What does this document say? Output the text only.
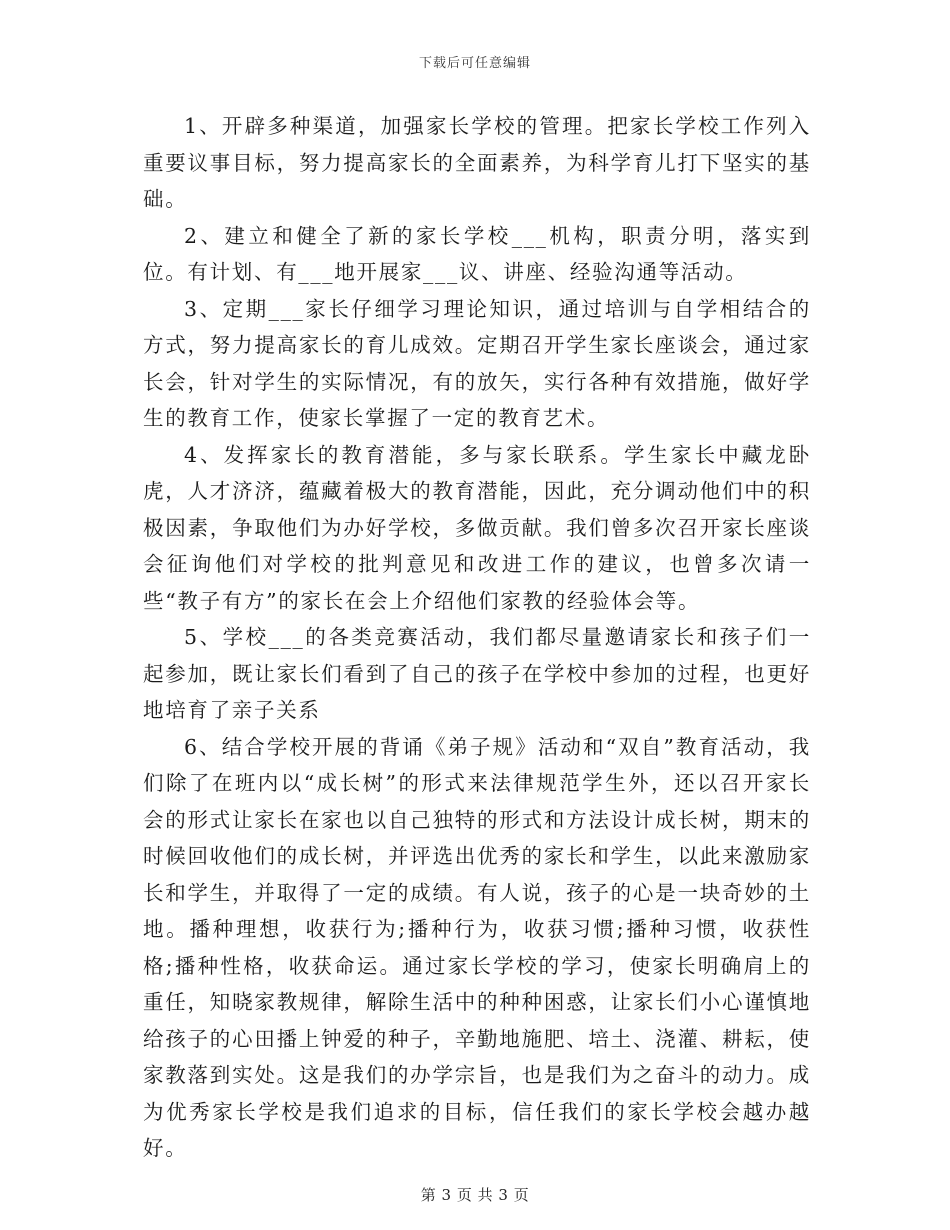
下载后可任意编辑

1、开辟多种渠道，加强家长学校的管理。把家长学校工作列入重要议事目标，努力提高家长的全面素养，为科学育儿打下坚实的基础。

2、建立和健全了新的家长学校___机构，职责分明，落实到位。有计划、有___地开展家___议、讲座、经验沟通等活动。

3、定期___家长仔细学习理论知识，通过培训与自学相结合的方式，努力提高家长的育儿成效。定期召开学生家长座谈会，通过家长会，针对学生的实际情况，有的放矢，实行各种有效措施，做好学生的教育工作，使家长掌握了一定的教育艺术。

4、发挥家长的教育潜能，多与家长联系。学生家长中藏龙卧虎，人才济济，蕴藏着极大的教育潜能，因此，充分调动他们中的积极因素，争取他们为办好学校，多做贡献。我们曾多次召开家长座谈会征询他们对学校的批判意见和改进工作的建议，也曾多次请一些“教子有方”的家长在会上介绍他们家教的经验体会等。

5、学校___的各类竞赛活动，我们都尽量邀请家长和孩子们一起参加，既让家长们看到了自己的孩子在学校中参加的过程，也更好地培育了亲子关系

6、结合学校开展的背诵《弟子规》活动和“双自”教育活动，我们除了在班内以“成长树”的形式来法律规范学生外，还以召开家长会的形式让家长在家也以自己独特的形式和方法设计成长树，期末的时候回收他们的成长树，并评选出优秀的家长和学生，以此来激励家长和学生，并取得了一定的成绩。有人说，孩子的心是一块奇妙的土地。播种理想，收获行为;播种行为，收获习惯;播种习惯，收获性格;播种性格，收获命运。通过家长学校的学习，使家长明确肩上的重任，知晓家教规律，解除生活中的种种困惑，让家长们小心谨慎地给孩子的心田播上钟爱的种子，辛勤地施肥、培土、浇灌、耕耘，使家教落到实处。这是我们的办学宗旨，也是我们为之奋斗的动力。成为优秀家长学校是我们追求的目标，信任我们的家长学校会越办越好。

第 3 页 共 3 页
